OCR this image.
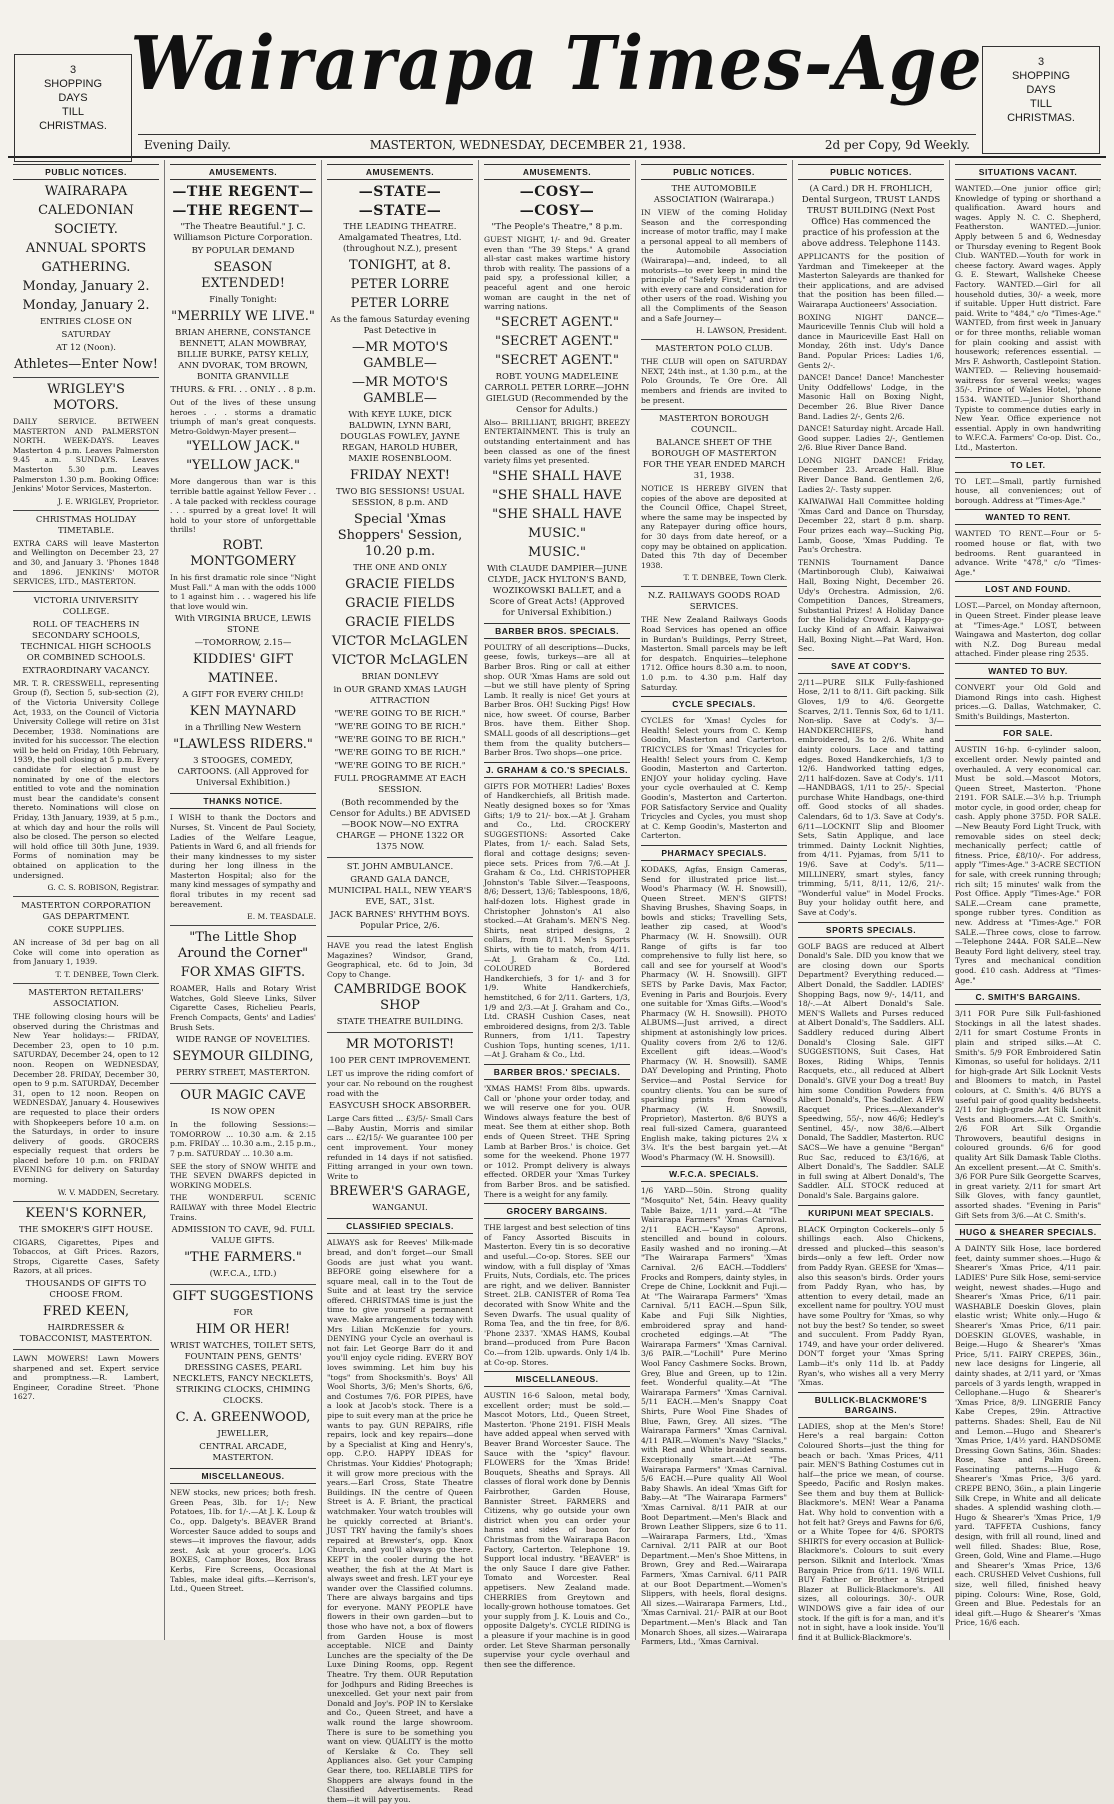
3
SHOPPING
DAYS
TILL
CHRISTMAS.
Wairarapa Times-Age	3
SHOPPING
DAYS
TILL
CHRISTMAS.
Evening Daily.	MASTERTON, WEDNESDAY, DECEMBER 21, 1938.	2d per Copy, 9d Weekly.
PUBLIC NOTICES.
WAIRARAPA
CALEDONIAN
SOCIETY.
ANNUAL SPORTS
GATHERING.
Monday, January 2.
Monday, January 2.
ENTRIES CLOSE ON
SATURDAY
AT 12 (Noon).
Athletes—Enter Now!
WRIGLEY'S MOTORS.

DAILY SERVICE. BETWEEN MASTERTON AND PALMERSTON NORTH. WEEK-DAYS. Leaves Masterton 4 p.m. Leaves Palmerston 9.45 a.m. SUNDAYS. Leaves Masterton 5.30 p.m. Leaves Palmerston 1.30 p.m. Booking Office: Jenkins' Motor Services, Masterton.

J. E. WRIGLEY, Proprietor.
CHRISTMAS HOLIDAY TIMETABLE.

EXTRA CARS will leave Masterton and Wellington on December 23, 27 and 30, and January 3. 'Phones 1848 and 1896. JENKINS' MOTOR SERVICES, LTD., MASTERTON.

VICTORIA UNIVERSITY COLLEGE.
ROLL OF TEACHERS IN SECONDARY SCHOOLS, TECHNICAL HIGH SCHOOLS OR COMBINED SCHOOLS.
EXTRAORDINARY VACANCY.

MR. T. R. CRESSWELL, representing Group (f), Section 5, sub-section (2), of the Victoria University College Act, 1933, on the Council of Victoria University College will retire on 31st December, 1938. Nominations are invited for his successor. The election will be held on Friday, 10th February, 1939, the poll closing at 5 p.m. Every candidate for election must be nominated by one of the electors entitled to vote and the nomination must bear the candidate's consent thereto. Nominations will close on Friday, 13th January, 1939, at 5 p.m., at which day and hour the rolls will also be closed. The person so elected will hold office till 30th June, 1939. Forms of nomination may be obtained on application to the undersigned.

G. C. S. ROBISON, Registrar.
MASTERTON CORPORATION GAS DEPARTMENT.
COKE SUPPLIES.

AN increase of 3d per bag on all Coke will come into operation as from January 1, 1939.

T. T. DENBEE, Town Clerk.
MASTERTON RETAILERS' ASSOCIATION.

THE following closing hours will be observed during the Christmas and New Year holidays:— FRIDAY, December 23, open to 10 p.m. SATURDAY, December 24, open to 12 noon. Reopen on WEDNESDAY, December 28. FRIDAY, December 30, open to 9 p.m. SATURDAY, December 31, open to 12 noon. Reopen on WEDNESDAY, January 4. Housewives are requested to place their orders with Shopkeepers before 10 a.m. on the Saturdays, in order to insure delivery of goods. GROCERS especially request that orders be placed before 10 p.m. on FRIDAY EVENING for delivery on Saturday morning.

W. V. MADDEN, Secretary.
KEEN'S KORNER,
THE SMOKER'S GIFT HOUSE.

CIGARS, Cigarettes, Pipes and Tobaccos, at Gift Prices. Razors, Strops, Cigarette Cases, Safety Razors, at all prices.

THOUSANDS OF GIFTS TO CHOOSE FROM.
FRED KEEN,
HAIRDRESSER & TOBACCONIST, MASTERTON.

LAWN MOWERS! Lawn Mowers sharpened and set. Expert service and promptness.—R. Lambert, Engineer, Coradine Street. 'Phone 1627.

AMUSEMENTS.
—THE REGENT—
—THE REGENT—
"The Theatre Beautiful." J. C. Williamson Picture Corporation.
BY POPULAR DEMAND
SEASON EXTENDED!
Finally Tonight:
"MERRILY WE LIVE."
BRIAN AHERNE, CONSTANCE BENNETT, ALAN MOWBRAY, BILLIE BURKE, PATSY KELLY, ANN DVORAK, TOM BROWN, BONITA GRANVILLE
THURS. & FRI. . . ONLY . . 8 p.m.

Out of the lives of these unsung heroes . . . storms a dramatic triumph of man's great conquests. Metro-Goldwyn-Mayer present—

"YELLOW JACK."
"YELLOW JACK."

More dangerous than war is this terrible battle against Yellow Fever . . . A tale packed with reckless courage . . . spurred by a great love! It will hold to your store of unforgettable thrills!

ROBT. MONTGOMERY

In his first dramatic role since "Night Must Fall." A man with the odds 1000 to 1 against him . . . wagered his life that love would win.

With VIRGINIA BRUCE, LEWIS STONE
—TOMORROW, 2.15—
KIDDIES' GIFT
MATINEE.
A GIFT FOR EVERY CHILD!
KEN MAYNARD
in a Thrilling New Western
"LAWLESS RIDERS."
3 STOOGES, COMEDY, CARTOONS. (All Approved for Universal Exhibition.)
THANKS NOTICE.

I WISH to thank the Doctors and Nurses, St. Vincent de Paul Society, Ladies of the Welfare League, Patients in Ward 6, and all friends for their many kindnesses to my sister during her long illness in the Masterton Hospital; also for the many kind messages of sympathy and floral tributes in my recent sad bereavement.

E. M. TEASDALE.
"The Little Shop Around the Corner"
FOR XMAS GIFTS.

ROAMER, Halls and Rotary Wrist Watches, Gold Sleeve Links, Silver Cigarette Cases, Richelieu Pearls, French Compacts, Gents' and Ladies' Brush Sets.

WIDE RANGE OF NOVELTIES.
SEYMOUR GILDING,
PERRY STREET, MASTERTON.
OUR MAGIC CAVE
IS NOW OPEN

In the following Sessions:— TOMORROW ... 10.30 a.m. & 2.15 p.m. FRIDAY ... 10.30 a.m., 2.15 p.m., 7 p.m. SATURDAY ... 10.30 a.m.

SEE the story of SNOW WHITE and THE SEVEN DWARFS depicted in WORKING MODELS.

THE WONDERFUL SCENIC RAILWAY with three Model Electric Trains.

ADMISSION TO CAVE, 9d. FULL VALUE GIFTS.
"THE FARMERS."
(W.F.C.A., LTD.)
GIFT SUGGESTIONS
FOR
HIM OR HER!
WRIST WATCHES, TOILET SETS, FOUNTAIN PENS, GENTS' DRESSING CASES, PEARL NECKLETS, FANCY NECKLETS, STRIKING CLOCKS, CHIMING CLOCKS.
C. A. GREENWOOD,
JEWELLER,
CENTRAL ARCADE, MASTERTON.
MISCELLANEOUS.

NEW stocks, new prices; both fresh. Green Peas, 3lb. for 1/-; New Potatoes, 1lb. for 1/-.—At J. K. Loup & Co., opp. Dalgety's. BEAVER Brand Worcester Sauce added to soups and stews—it improves the flavour, adds zest. Ask at your grocer's. LOG BOXES, Camphor Boxes, Box Brass Kerbs, Fire Screens, Occasional Tables, make ideal gifts.—Kerrison's, Ltd., Queen Street.

AMUSEMENTS.
—STATE—
—STATE—
THE LEADING THEATRE. Amalgamated Theatres, Ltd. (throughout N.Z.), present
TONIGHT, at 8.
PETER LORRE
PETER LORRE
As the famous Saturday evening Past Detective in
—MR MOTO'S GAMBLE—
—MR MOTO'S GAMBLE—
With KEYE LUKE, DICK BALDWIN, LYNN BARI, DOUGLAS FOWLEY, JAYNE REGAN, HAROLD HUBER, MAXIE ROSENBLOOM.
FRIDAY NEXT!
TWO BIG SESSIONS! USUAL SESSION, 8 p.m. AND
Special 'Xmas Shoppers' Session, 10.20 p.m.
THE ONE AND ONLY
GRACIE FIELDS
GRACIE FIELDS
GRACIE FIELDS
VICTOR McLAGLEN
VICTOR McLAGLEN
BRIAN DONLEVY
in OUR GRAND XMAS LAUGH ATTRACTION
"WE'RE GOING TO BE RICH."
"WE'RE GOING TO BE RICH."
"WE'RE GOING TO BE RICH."
"WE'RE GOING TO BE RICH."
"WE'RE GOING TO BE RICH."
FULL PROGRAMME AT EACH SESSION.
(Both recommended by the Censor for Adults.) BE ADVISED—BOOK NOW—NO EXTRA CHARGE — PHONE 1322 OR 1375 NOW.
ST. JOHN AMBULANCE.
GRAND GALA DANCE, MUNICIPAL HALL, NEW YEAR'S EVE, SAT., 31st.
JACK BARNES' RHYTHM BOYS. Popular Price, 2/6.

HAVE you read the latest English Magazines? Windsor, Grand, Geographical, etc. 6d to Join, 3d Copy to Change.

CAMBRIDGE BOOK SHOP
STATE THEATRE BUILDING.
MR MOTORIST!
100 PER CENT IMPROVEMENT.

LET us improve the riding comfort of your car. No rebound on the roughest road with the

EASYCUSH SHOCK ABSORBER.

Large Cars fitted ... £3/5/- Small Cars—Baby Austin, Morris and similar cars ... £2/15/- We guarantee 100 per cent improvement. Your money refunded in 14 days if not satisfied. Fitting arranged in your own town. Write to

BREWER'S GARAGE,
WANGANUI.
CLASSIFIED SPECIALS.

ALWAYS ask for Reeves' Milk-made bread, and don't forget—our Small Goods are just what you want. BEFORE going elsewhere for a square meal, call in to the Tout de Suite and at least try the service offered. CHRISTMAS time is just the time to give yourself a permanent wave. Make arrangements today with Mrs Lilian McKenzie for yours. DENYING your Cycle an overhaul is not fair. Let George Barr do it and you'll enjoy cycle riding. EVERY BOY loves swimming. Let him buy his "togs" from Shocksmith's. Boys' All Wool Shorts, 3/6; Men's Shorts, 6/6, and Costumes 7/6. FOR PIPES, have a look at Jacob's stock. There is a pipe to suit every man at the price he wants to pay. GUN REPAIRS, rifle repairs, lock and key repairs—done by a Specialist at King and Henry's, opp. C.P.O. HAPPY IDEAS for Christmas. Your Kiddies' Photograph; it will grow more precious with the years.—Earl Cross, State Theatre Buildings. IN the centre of Queen Street is A. F. Briant, the practical watchmaker. Your watch troubles will be quickly corrected at Briant's. JUST TRY having the family's shoes repaired at Brewster's, opp. Knox Church, and you'll always go there. KEPT in the cooler during the hot weather, the fish at the At Mart is always sweet and fresh. LET your eye wander over the Classified columns. There are always bargains and tips for everyone. MANY PEOPLE have flowers in their own garden—but to those who have not, a box of flowers from Garden House is most acceptable. NICE and Dainty Lunches are the specialty of the De Luxe Dining Rooms, opp. Regent Theatre. Try them. OUR Reputation for Jodhpurs and Riding Breeches is unexcelled. Get your next pair from Donald and Joy's. POP IN to Kerslake and Co., Queen Street, and have a walk round the large showroom. There is sure to be something you want on view. QUALITY is the motto of Kerslake & Co. They sell Appliances also. Get your Camping Gear there, too. RELIABLE TIPS for Shoppers are always found in the Classified Advertisements. Read them—it will pay you.

AMUSEMENTS.
—COSY—
—COSY—
"The People's Theatre," 8 p.m.

GUEST NIGHT, 1/- and 9d. Greater even than "The 39 Steps." A grand all-star cast makes wartime history throb with reality. The passions of a paid spy, a professional killer, a peaceful agent and one heroic woman are caught in the net of warring nations.

"SECRET AGENT."
"SECRET AGENT."
"SECRET AGENT."
ROBT. YOUNG MADELEINE CARROLL PETER LORRE—JOHN GIELGUD (Recommended by the Censor for Adults.)

Also— BRILLIANT, BRIGHT, BREEZY ENTERTAINMENT. This is truly an outstanding entertainment and has been classed as one of the finest variety films yet presented.

"SHE SHALL HAVE
"SHE SHALL HAVE
"SHE SHALL HAVE
MUSIC."
MUSIC."
With CLAUDE DAMPIER—JUNE CLYDE, JACK HYLTON'S BAND, WOZIKOWSKI BALLET, and a Score of Great Acts! (Approved for Universal Exhibition.)
BARBER BROS. SPECIALS.

POULTRY of all descriptions—Ducks, geese, fowls, turkeys—are all at Barber Bros. Ring or call at either shop. OUR 'Xmas Hams are sold out—but we still have plenty of Spring Lamb. It really is nice! Get yours at Barber Bros. OH! Sucking Pigs! How nice, how sweet. Of course, Barber Bros. have them. Either Shop. SMALL goods of all descriptions—get them from the quality butchers—Barber Bros. Two shops—one price.

J. GRAHAM & CO.'S SPECIALS.

GIFTS FOR MOTHER! Ladies' Boxes of Handkerchiefs, all British made. Neatly designed boxes so for 'Xmas Gifts; 1/9 to 21/- box.—At J. Graham and Co., Ltd. CROCKERY SUGGESTIONS: Assorted Cake Plates, from 1/- each. Salad Sets, floral and cottage designs; seven-piece sets. Prices from 7/6.—At J. Graham & Co., Ltd. CHRISTOPHER Johnston's Table Silver.—Teaspoons, 8/6; Dessert, 13/6; Tablespoons, 18/6, half-dozen lots. Highest grade in Christopher Johnston's A1 also stocked.—At Graham's. MEN'S Neg. Shirts, neat striped designs, 2 collars, from 8/11. Men's Sports Shirts, with tie to match, from 4/11.—At J. Graham & Co., Ltd. COLOURED Bordered Handkerchiefs, 3 for 1/- and 3 for 1/9. White Handkerchiefs, hemstitched, 6 for 2/11. Garters, 1/3, 1/9 and 2/3.—At J. Graham and Co., Ltd. CRASH Cushion Cases, neat embroidered designs, from 2/3. Table Runners, from 1/11. Tapestry Cushion Tops, hunting scenes, 1/11.—At J. Graham & Co., Ltd.

BARBER BROS.' SPECIALS.

'XMAS HAMS! From 8lbs. upwards. Call or 'phone your order today, and we will reserve one for you. OUR Windows always feature the best of meat. See them at either shop. Both ends of Queen Street. THE Spring Lamb at Barber Bros.' is choice. Get some for the weekend. Phone 1977 or 1012. Prompt delivery is always effected. ORDER your 'Xmas Turkey from Barber Bros. and be satisfied. There is a weight for any family.

GROCERY BARGAINS.

THE largest and best selection of tins of Fancy Assorted Biscuits in Masterton. Every tin is so decorative and useful.—Co-op. Stores. SEE our window, with a full display of 'Xmas Fruits, Nuts, Cordials, etc. The prices are right, and we deliver. Bannister Street. 2LB. CANISTER of Roma Tea decorated with Snow White and the Seven Dwarfs. The usual quality of Roma Tea, and the tin free, for 8/6. 'Phone 2337. 'XMAS HAMS, Koubal brand—produced from Pure Bacon Co.—from 12lb. upwards. Only 1/4 lb. at Co-op. Stores.

MISCELLANEOUS.

AUSTIN 16-6 Saloon, metal body, excellent order; must be sold.—Mascot Motors, Ltd., Queen Street, Masterton. 'Phone 2191. FISH Meals have added appeal when served with Beaver Brand Worcester Sauce. The Sauce with the "spicy" flavour. FLOWERS for the 'Xmas Bride! Bouquets, Sheaths and Sprays. All classes of floral work done by Dennis Fairbrother, Garden House, Bannister Street. FARMERS and Citizens, why go outside your own district when you can order your hams and sides of bacon for Christmas from the Wairarapa Bacon Factory, Carterton. Telephone 19. Support local industry. "BEAVER" is the only Sauce I dare give Father. Tomato and Worcester. Real appetisers. New Zealand made. CHERRIES from Greytown and locally-grown hothouse tomatoes. Get your supply from J. K. Louis and Co., opposite Dalgety's. CYCLE RIDING is a pleasure if your machine is in good order. Let Steve Sharman personally supervise your cycle overhaul and then see the difference.

PUBLIC NOTICES.
THE AUTOMOBILE ASSOCIATION (Wairarapa.)

IN VIEW of the coming Holiday Season and the corresponding increase of motor traffic, may I make a personal appeal to all members of the Automobile Association (Wairarapa)—and, indeed, to all motorists—to ever keep in mind the principle of "Safety First," and drive with every care and consideration for other users of the road. Wishing you all the Compliments of the Season and a Safe Journey—

H. LAWSON, President.
MASTERTON POLO CLUB.

THE CLUB will open on SATURDAY NEXT, 24th inst., at 1.30 p.m., at the Polo Grounds, Te Ore Ore. All members and friends are invited to be present.

MASTERTON BOROUGH COUNCIL.
BALANCE SHEET OF THE BOROUGH OF MASTERTON FOR THE YEAR ENDED MARCH 31, 1938.

NOTICE IS HEREBY GIVEN that copies of the above are deposited at the Council Office, Chapel Street, where the same may be inspected by any Ratepayer during office hours, for 30 days from date hereof, or a copy may be obtained on application. Dated this 7th day of December 1938.

T. T. DENBEE, Town Clerk.
N.Z. RAILWAYS GOODS ROAD SERVICES.

THE New Zealand Railways Goods Road Services has opened an office in Burdan's Buildings, Perry Street, Masterton. Small parcels may be left for despatch. Enquiries—telephone 1712. Office hours 8.30 a.m. to noon, 1.0 p.m. to 4.30 p.m. Half day Saturday.

CYCLE SPECIALS.

CYCLES for 'Xmas! Cycles for Health! Select yours from C. Kemp Goodin, Masterton and Carterton. TRICYCLES for 'Xmas! Tricycles for Health! Select yours from C. Kemp Goodin, Masterton and Carterton. ENJOY your holiday cycling. Have your cycle overhauled at C. Kemp Goodin's, Masterton and Carterton. FOR Satisfactory Service and Quality Tricycles and Cycles, you must shop at C. Kemp Goodin's, Masterton and Carterton.

PHARMACY SPECIALS.

KODAKS, Agfas, Ensign Cameras, Send for illustrated price list.—Wood's Pharmacy (W. H. Snowsill), Queen Street. MEN'S GIFTS! Shaving Brushes, Shaving Soaps, in bowls and sticks; Travelling Sets, leather zip cased, at Wood's Pharmacy (W. H. Snowsill). OUR Range of gifts is far too comprehensive to fully list here, so call and see for yourself at Wood's Pharmacy (W. H. Snowsill). GIFT SETS by Parke Davis, Max Factor, Evening in Paris and Bourjois. Every one suitable for 'Xmas Gifts.—Wood's Pharmacy (W. H. Snowsill). PHOTO ALBUMS—Just arrived, a direct shipment at astonishingly low prices. Quality covers from 2/6 to 12/6. Excellent gift ideas.—Wood's Pharmacy (W. H. Snowsill). SAME DAY Developing and Printing, Photo Service—and Postal Service for country clients. You can be sure of sparkling prints from Wood's Pharmacy (W. H. Snowsill, Proprietor), Masterton. 8/6 BUYS a real full-sized Camera, guaranteed English make, taking pictures 2¼ x 3¼. It's the best bargain yet.—At Wood's Pharmacy (W. H. Snowsill).

W.F.C.A. SPECIALS.

1/6 YARD—50in. Strong quality "Mosquito" Net, 54in. Heavy quality Table Baize, 1/11 yard.—At "The Wairarapa Farmers" 'Xmas Carnival. 2/11 EACH.—"Kayso" Aprons, stencilled and bound in colours. Easily washed and no ironing.—At "The Wairarapa Farmers" 'Xmas Carnival. 2/6 EACH.—Toddlers' Frocks and Rompers, dainty styles, in Crepe de Chine, Lockknit and Fuji.—At "The Wairarapa Farmers" 'Xmas Carnival. 5/11 EACH.—Spun Silk, Kabe and Fuji Silk Nighties, embroidered spray and hand-crocheted edgings.—At "The Wairarapa Farmers" 'Xmas Carnival. 3/6 PAIR.—"Lochill" Pure Merino Wool Fancy Cashmere Socks. Brown, Grey, Blue and Green, up to 12in. feet. Wonderful quality.—At "The Wairarapa Farmers" 'Xmas Carnival. 5/11 EACH.—Men's Snappy Coat Shirts, Pure Wool Fine Shades of Blue, Fawn, Grey. All sizes. "The Wairarapa Farmers" 'Xmas Carnival. 4/11 PAIR.—Women's Navy "Slacks," with Red and White braided seams. Exceptionally smart.—At "The Wairarapa Farmers" 'Xmas Carnival. 5/6 EACH.—Pure quality All Wool Baby Shawls. An ideal 'Xmas Gift for Baby.—At "The Wairarapa Farmers" 'Xmas Carnival. 8/11 PAIR at our Boot Department.—Men's Black and Brown Leather Slippers, size 6 to 11.—Wairarapa Farmers, Ltd., 'Xmas Carnival. 2/11 PAIR at our Boot Department.—Men's Shoe Mittens, in Brown, Grey and Red.—Wairarapa Farmers, 'Xmas Carnival. 6/11 PAIR at our Boot Department.—Women's Slippers, with heels, floral designs. All sizes.—Wairarapa Farmers, Ltd., 'Xmas Carnival. 21/- PAIR at our Boot Department.—Men's Black and Tan Monarch Shoes, all sizes.—Wairarapa Farmers, Ltd., 'Xmas Carnival.

PUBLIC NOTICES.
(A Card.) DR H. FROHLICH, Dental Surgeon, TRUST LANDS TRUST BUILDING (Next Post Office) Has commenced the practice of his profession at the above address. Telephone 1143.

APPLICANTS for the position of Yardman and Timekeeper at the Masterton Saleyards are thanked for their applications, and are advised that the position has been filled.—Wairarapa Auctioneers' Association.

BOXING NIGHT DANCE—Mauriceville Tennis Club will hold a dance in Mauriceville East Hall on Monday, 26th inst. Udy's Dance Band. Popular Prices: Ladies 1/6, Gents 2/-.

DANCE! Dance! Dance! Manchester Unity Oddfellows' Lodge, in the Masonic Hall on Boxing Night, December 26. Blue River Dance Band. Ladies 2/-, Gents 2/6.

DANCE! Saturday night. Arcade Hall. Good supper. Ladies 2/-, Gentlemen 2/6. Blue River Dance Band.

LONG NIGHT DANCE! Friday, December 23. Arcade Hall. Blue River Dance Band. Gentlemen 2/6, Ladies 2/-. Tasty supper.

KAIWAIWAI Hall Committee holding 'Xmas Card and Dance on Thursday, December 22, start 8 p.m. sharp. Four prizes each way—Sucking Pig, Lamb, Goose, 'Xmas Pudding. Te Pau's Orchestra.

TENNIS Tournament Dance (Martinborough Club), Kaiwaiwai Hall, Boxing Night, December 26. Udy's Orchestra. Admission, 2/6. Competition Dances, Streamers, Substantial Prizes! A Holiday Dance for the Holiday Crowd. A Happy-go-Lucky Kind of an Affair. Kaiwaiwai Hall, Boxing Night.—Pat Ward, Hon. Sec.

SAVE AT CODY'S.

2/11—PURE SILK Fully-fashioned Hose, 2/11 to 8/11. Gift packing. Silk Gloves, 1/9 to 4/6. Georgette Scarves, 2/11. Tennis Sox, 6d to 1/11. Non-slip. Save at Cody's. 3/—HANDKERCHIEFS, hand embroidered, 3s to 2/6. White and dainty colours. Lace and tatting edges. Boxed Handkerchiefs, 1/3 to 12/6. Handworked tatting edges, 2/11 half-dozen. Save at Cody's. 1/11—HANDBAGS, 1/11 to 25/-. Special purchase White Handbags, one-third off. Good stocks of all shades. Calendars, 6d to 1/3. Save at Cody's. 6/11—LOCKNIT Slip and Bloomer Sets, Satin Applique, and lace trimmed. Dainty Locknit Nighties, from 4/11. Pyjamas, from 5/11 to 19/6. Save at Cody's. 5/11—MILLINERY, smart styles, fancy trimming, 5/11, 8/11, 12/6, 21/-. "Wonderful value" in Model Frocks. Buy your holiday outfit here, and Save at Cody's.

SPORTS SPECIALS.

GOLF BAGS are reduced at Albert Donald's Sale. DID you know that we are closing down our Sports Department? Everything reduced.—Albert Donald, the Saddler. LADIES' Shopping Bags, now 9/-, 14/11, and 18/-.—At Albert Donald's Sale. MEN'S Wallets and Purses reduced at Albert Donald's, The Saddlers. ALL Saddlery reduced during Albert Donald's Closing Sale. GIFT SUGGESTIONS, Suit Cases, Hat Boxes, Riding Whips, Tennis Racquets, etc., all reduced at Albert Donald's. GIVE your Dog a treat! Buy him some Condition Powders from Albert Donald's, The Saddler. A FEW Racquet Prices.—Alexander's Speedwing, 55/-, now 46/6; Hedley's Sentinel, 45/-, now 38/6.—Albert Donald, The Saddler, Masterton. RUC SACS—We have a genuine "Bergan" Ruc Sac, reduced to £3/16/6, at Albert Donald's, The Saddler. SALE in full swing at Albert Donald's, The Saddler. ALL STOCK reduced at Donald's Sale. Bargains galore.

KURIPUNI MEAT SPECIALS.

BLACK Orpington Cockerels—only 5 shillings each. Also Chickens, dressed and plucked—this season's birds—only a few left. Order now from Paddy Ryan. GEESE for 'Xmas—also this season's birds. Order yours from Paddy Ryan, who has, by attention to every detail, made an excellent name for poultry. YOU must have some Poultry for 'Xmas, so why not buy the best? So tender, so sweet and succulent. From Paddy Ryan, 1749, and have your order delivered. DON'T forget your 'Xmas Spring Lamb—it's only 11d lb. at Paddy Ryan's, who wishes all a very Merry 'Xmas.

BULLICK-BLACKMORE'S BARGAINS.

LADIES, shop at the Men's Store! Here's a real bargain: Cotton Coloured Shorts—just the thing for beach or bach. 'Xmas Prices, 4/11 pair. MEN'S Bathing Costumes cut in half—the price we mean, of course. Speedo, Pacific and Roslyn makes. See them and buy them at Bullick-Blackmore's. MEN! Wear a Panama Hat. Why hold to convention with a hot felt hat? Greys and Fawns for 6/6, or a White Topee for 4/6. SPORTS SHIRTS for every occasion at Bullick-Blackmore's. Colours to suit every person. Silknit and Interlock. 'Xmas Bargain Price from 6/11. 19/6 WILL BUY Father or Brother a Striped Blazer at Bullick-Blackmore's. All sizes, all colourings. 30/-. OUR WINDOWS give a fair idea of our stock. If the gift is for a man, and it's not in sight, have a look inside. You'll find it at Bullick-Blackmore's.

SITUATIONS VACANT.

WANTED.—One junior office girl; Knowledge of typing or shorthand a qualification. Award hours and wages. Apply N. C. C. Shepherd, Featherston. WANTED.—Junior. Apply between 5 and 6, Wednesday or Thursday evening to Regent Book Club. WANTED.—Youth for work in cheese factory. Award wages. Apply G. E. Stewart, Wallsheke Cheese Factory. WANTED.—Girl for all household duties, 30/- a week, more if suitable. Upper Hutt district. Fare paid. Write to "484," c/o "Times-Age." WANTED, from first week in January or for three months, reliable woman for plain cooking and assist with housework; references essential. —Mrs F. Ashworth, Castlepoint Station. WANTED. — Relieving housemaid-waitress for several weeks; wages 35/-. Prince of Wales Hotel, 'phone 1534. WANTED.—Junior Shorthand Typiste to commence duties early in New Year. Office experience not essential. Apply in own handwriting to W.F.C.A. Farmers' Co-op. Dist. Co., Ltd., Masterton.

TO LET.

TO LET.—Small, partly furnished house, all conveniences; out of borough. Address at "Times-Age."

WANTED TO RENT.

WANTED TO RENT.—Four or 5-roomed house or flat, with two bedrooms. Rent guaranteed in advance. Write "478," c/o "Times-Age."

LOST AND FOUND.

LOST.—Parcel, on Monday afternoon, in Queen Street. Finder please leave at "Times-Age." LOST, between Waingawa and Masterton, dog collar with N.Z. Dog Bureau medal attached. Finder please ring 2535.

WANTED TO BUY.

CONVERT your Old Gold and Diamond Rings into cash. Highest prices.—G. Dallas, Watchmaker, C. Smith's Buildings, Masterton.

FOR SALE.

AUSTIN 16-hp. 6-cylinder saloon, excellent order. Newly painted and overhauled. A very economical car. Must be sold.—Mascot Motors, Queen Street, Masterton. 'Phone 2191. FOR SALE.—3½ h.p. Triumph motor cycle, in good order, cheap for cash. Apply phone 375D. FOR SALE.—New Beauty Ford Light Truck, with removable sides on steel deck; mechanically perfect; cattle of fitness. Price, £8/10/-. For address, apply "Times-Age." 3-ACRE SECTION for sale, with creek running through; rich silt; 15 minutes' walk from the Post Office. Apply "Times-Age." FOR SALE.—Cream cane pramette, sponge rubber tyres. Condition as new. Address at "Times-Age." FOR SALE.—Three cows, close to farrow.—Telephone 244A. FOR SALE—New Beauty Ford light delivery, steel tray. Tyres and mechanical condition good. £10 cash. Address at "Times-Age."

C. SMITH'S BARGAINS.

3/11 FOR Pure Silk Full-fashioned Stockings in all the latest shades. 2/11 for smart Costume Fronts in plain and striped silks.—At C. Smith's. 5/9 FOR Embroidered Satin Kimonas, so useful for holidays. 2/11 for high-grade Art Silk Locknit Vests and Bloomers to match, in Pastel colours, at C. Smith's. 4/6 BUYS a useful pair of good quality bedsheets. 2/11 for high-grade Art Silk Locknit Vests and Bloomers.—At C. Smith's. 2/6 FOR Art Silk Organdie Throwovers, beautiful designs in coloured grounds. 6/6 for good quality Art Silk Damask Table Cloths. An excellent present.—At C. Smith's. 3/6 FOR Pure Silk Georgette Scarves, in great variety. 2/11 for smart Art Silk Gloves, with fancy gauntlet, assorted shades. "Evening in Paris" Gift Sets from 3/6.—At C. Smith's.

HUGO & SHEARER SPECIALS.

A DAINTY Silk Hose, lace bordered feet, dainty summer shoes.—Hugo & Shearer's 'Xmas Price, 4/11 pair. LADIES' Pure Silk Hose, semi-service weight, newest shades.—Hugo and Shearer's 'Xmas Price, 6/11 pair. WASHABLE Doeskin Gloves, plain elastic wrist; White only.—Hugo & Shearer's 'Xmas Price, 6/11 pair. DOESKIN GLOVES, washable, in Beige.—Hugo & Shearer's 'Xmas Price, 5/11. FAIRY CREPES, 36in., new lace designs for Lingerie, all dainty shades, at 2/11 yard, or 'Xmas parcels of 3 yards length, wrapped in Cellophane.—Hugo & Shearer's 'Xmas Price, 8/9. LINGERIE Fancy Kabe Crepes, 29in. Attractive patterns. Shades: Shell, Eau de Nil and Lemon.—Hugo and Shearer's 'Xmas Price, 1/4½ yard. HANDSOME Dressing Gown Satins, 36in. Shades: Rose, Saxe and Palm Green. Fascinating patterns.—Hugo & Shearer's 'Xmas Price, 3/6 yard. CREPE BENO, 36in., a plain Lingerie Silk Crepe, in White and all delicate shades. A splendid washing cloth.—Hugo & Shearer's 'Xmas Price, 1/9 yard. TAFFETA Cushions, fancy design, with frill all round, lined and well filled. Shades: Blue, Rose, Green, Gold, Wine and Flame.—Hugo and Shearer's 'Xmas Price, 13/6 each. CRUSHED Velvet Cushions, full size, well filled, finished heavy piping. Colours: Wine, Rose, Gold, Green and Blue. Pedestals for an ideal gift.—Hugo & Shearer's 'Xmas Price, 16/6 each.
